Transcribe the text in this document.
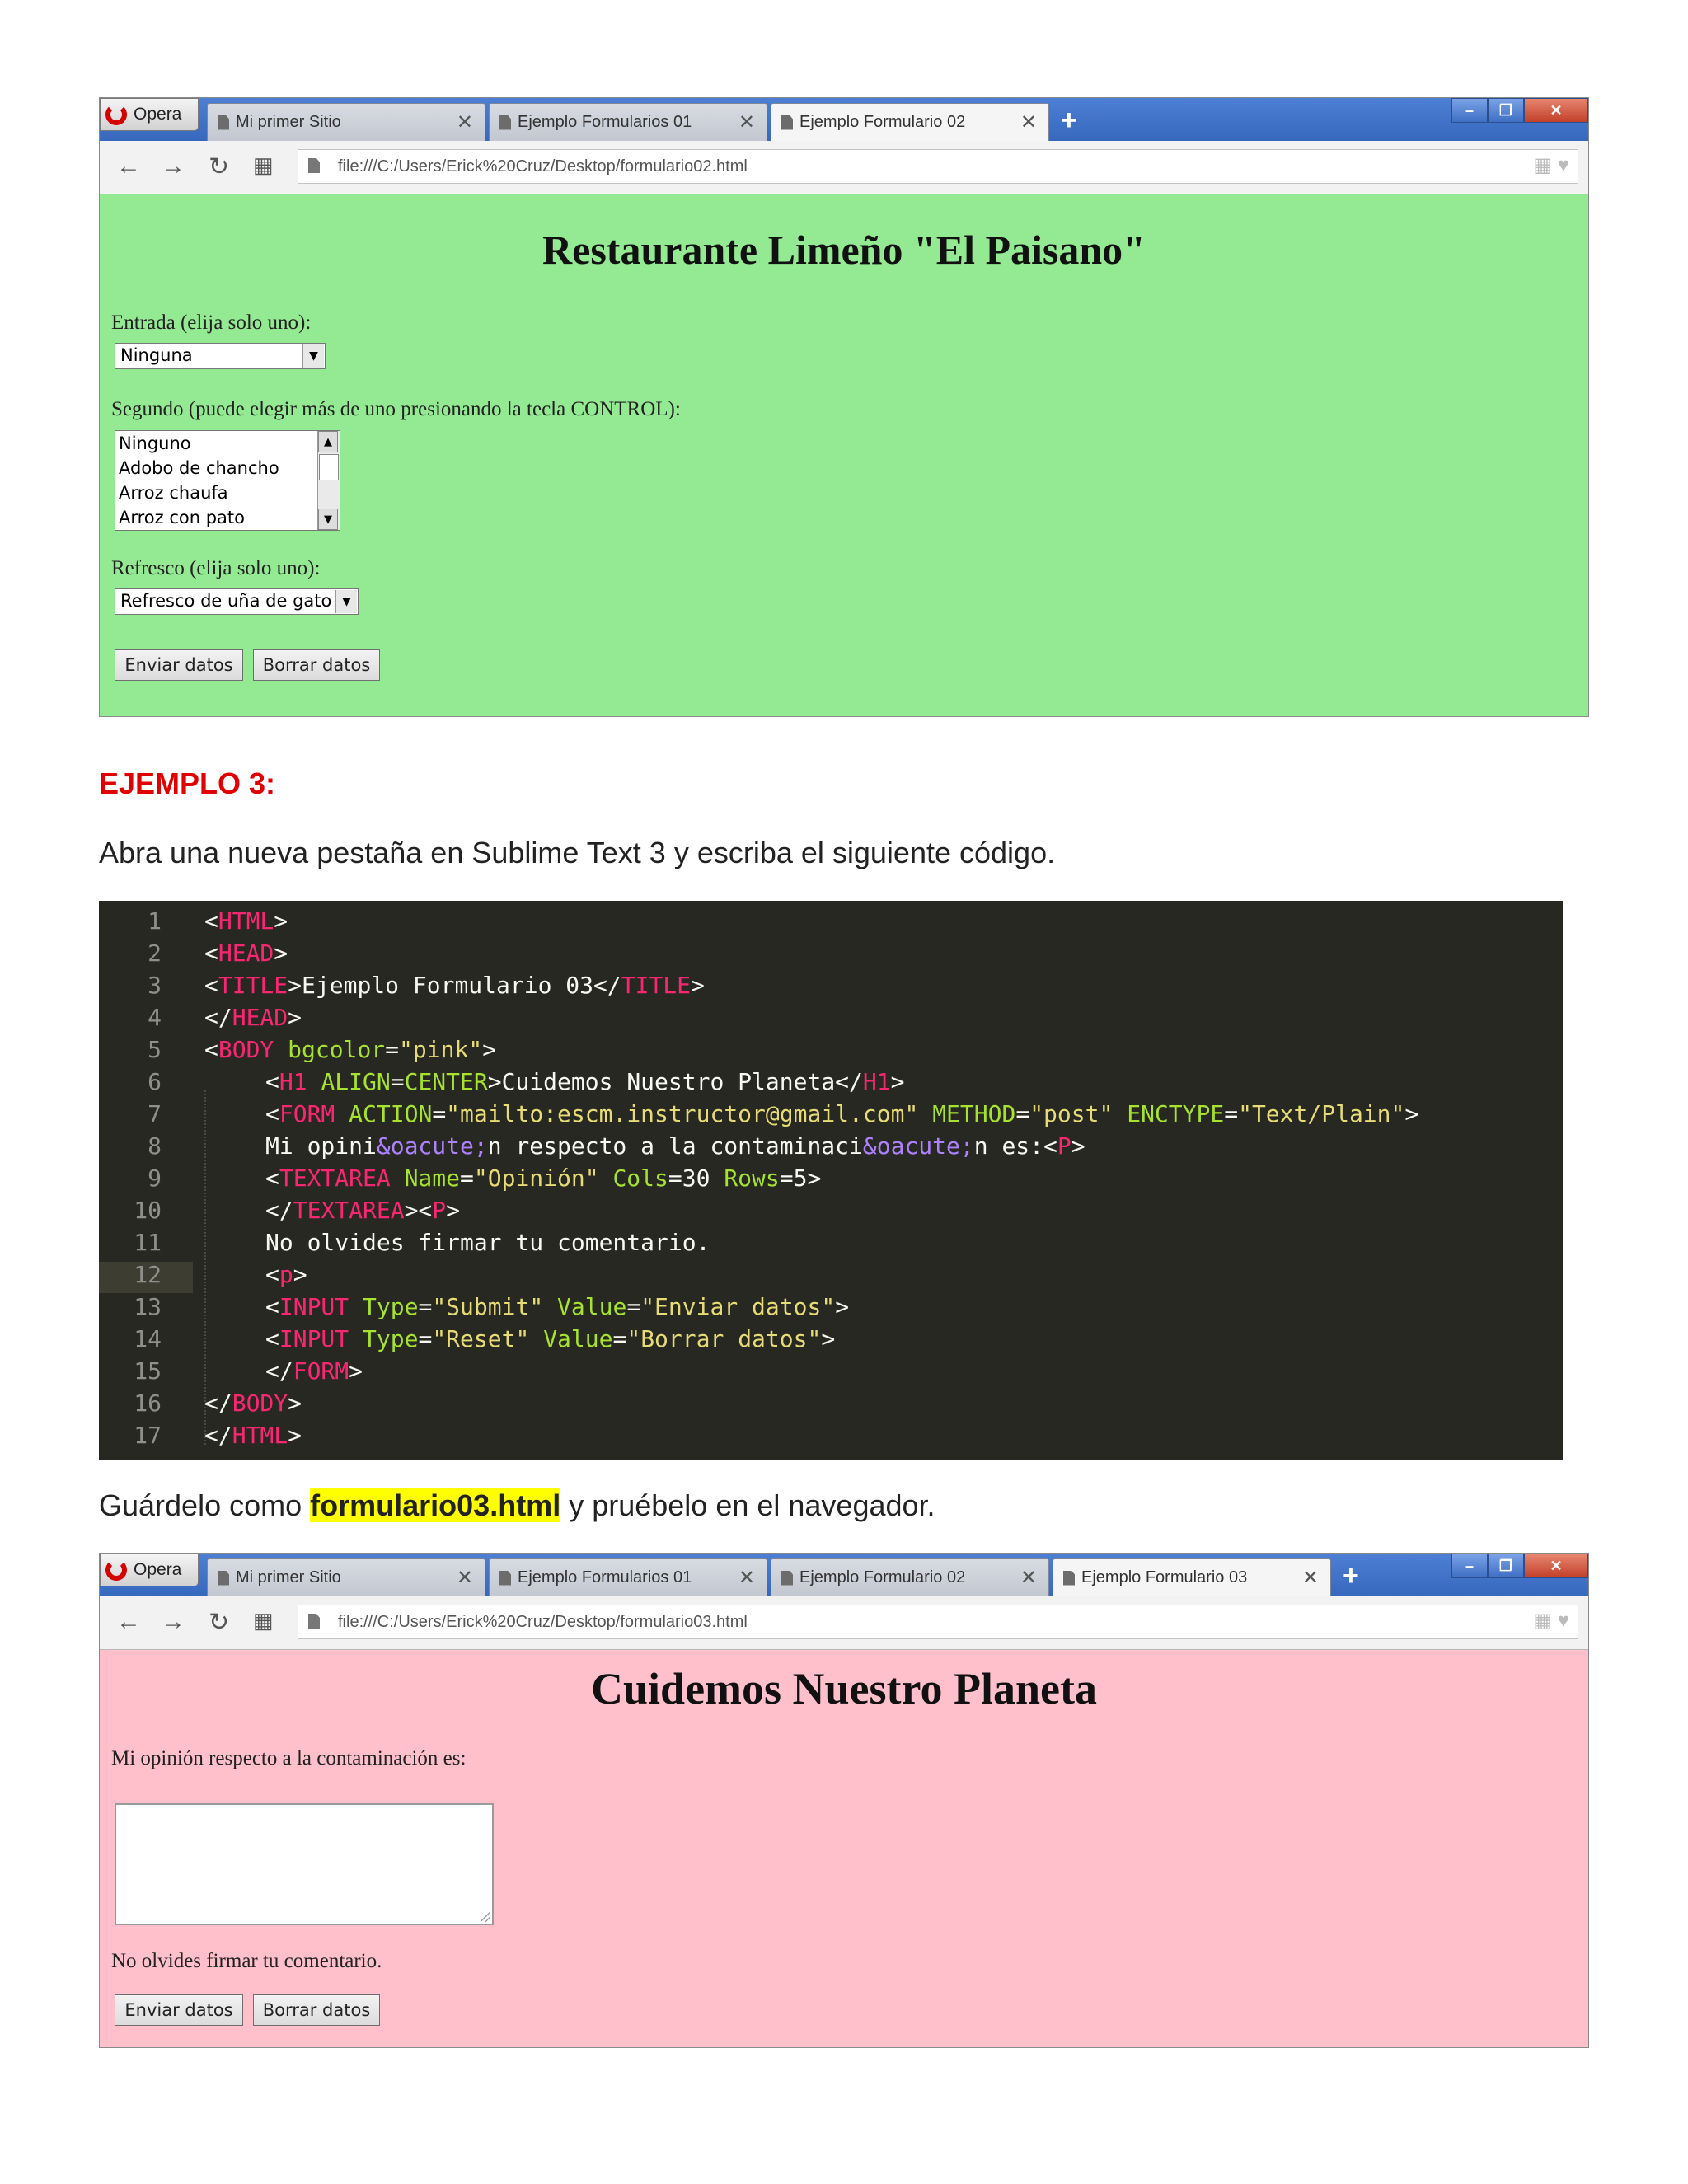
Opera	Mi primer Sitio	✕	Ejemplo Formularios 01	✕	Ejemplo Formulario 02	✕ +	–	❐	✕
← → ↻ ▦	file:///C:/Users/Erick%20Cruz/Desktop/formulario02.html	▦ ♥
Restaurante Limeño "El Paisano"
Entrada (elija solo uno):
Ninguna	▼
Segundo (puede elegir más de uno presionando la tecla CONTROL):
Ninguno
Adobo de chancho
Arroz chaufa
Arroz con pato
▲
▼
Refresco (elija solo uno):
Refresco de uña de gato ▼
Enviar datos	Borrar datos
EJEMPLO 3:
Abra una nueva pestaña en Sublime Text 3 y escriba el siguiente código.
1
2
3
4
5
6
7
8
9
10
11
12
13
14
15
16
17
<HTML>
<HEAD>
<TITLE>Ejemplo Formulario 03</TITLE>
</HEAD>
<BODY bgcolor="pink">
<H1 ALIGN=CENTER>Cuidemos Nuestro Planeta</H1>
<FORM ACTION="mailto:escm.instructor@gmail.com" METHOD="post" ENCTYPE="Text/Plain">
Mi opini&oacute;n respecto a la contaminaci&oacute;n es:<P>
<TEXTAREA Name="Opinión" Cols=30 Rows=5>
</TEXTAREA><P>
No olvides firmar tu comentario.
<p>
<INPUT Type="Submit" Value="Enviar datos">
<INPUT Type="Reset" Value="Borrar datos">
</FORM>
</BODY>
</HTML>
Guárdelo como formulario03.html y pruébelo en el navegador.
Opera	Mi primer Sitio	✕	Ejemplo Formularios 01	✕	Ejemplo Formulario 02	✕	Ejemplo Formulario 03	✕ +	–	❐	✕
← → ↻ ▦	file:///C:/Users/Erick%20Cruz/Desktop/formulario03.html	▦ ♥
Cuidemos Nuestro Planeta
Mi opinión respecto a la contaminación es:
No olvides firmar tu comentario.
Enviar datos	Borrar datos
